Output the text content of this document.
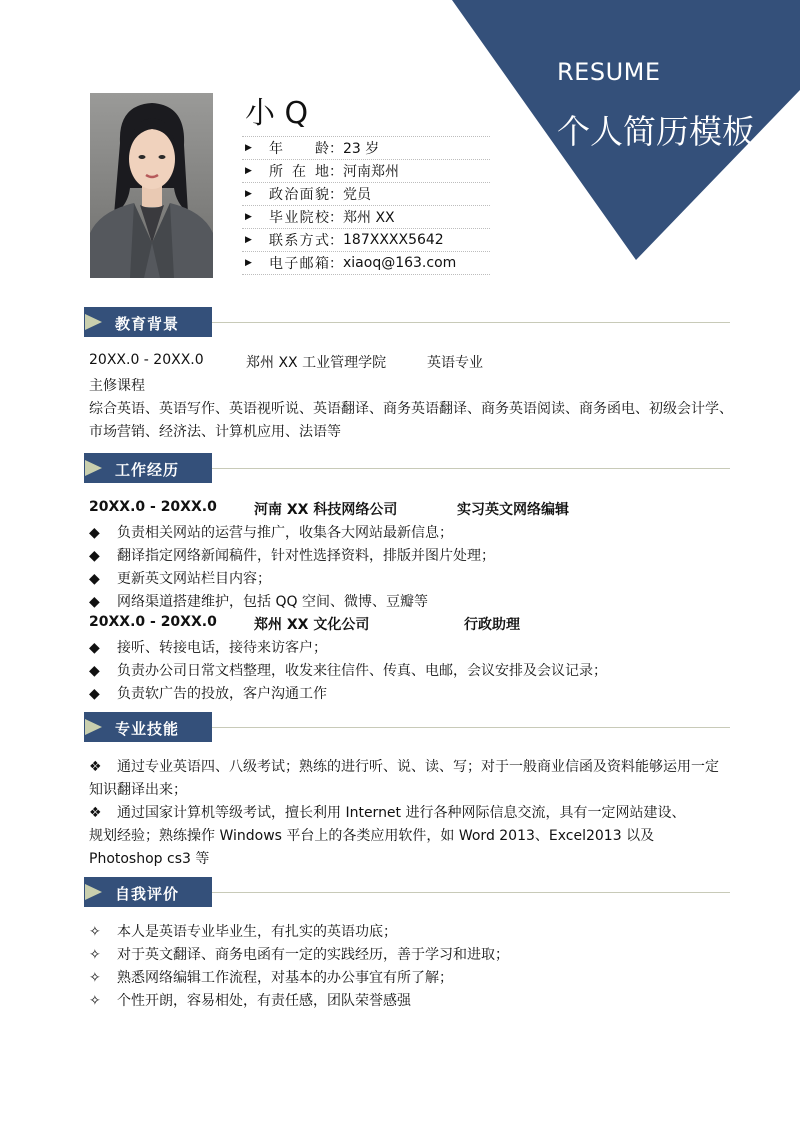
RESUME
个人简历模板
小 Q
▶	年 龄 ： 23 岁
▶	所 在 地 ： 河南郑州
▶	政治面貌 ： 党员
▶	毕业院校 ： 郑州 XX
▶	联系方式 ： 187XXXX5642
▶	电子邮箱 ： xiaoq@163.com
教育背景
20XX.0 - 20XX.0	郑州 XX 工业管理学院	英语专业
主修课程
综合英语、英语写作、英语视听说、英语翻译、商务英语翻译、商务英语阅读、商务函电、初级会计学、
市场营销、经济法、计算机应用、法语等
工作经历
20XX.0 - 20XX.0	河南 XX 科技网络公司	实习英文网络编辑
◆ 负责相关网站的运营与推广，收集各大网站最新信息；
◆ 翻译指定网络新闻稿件，针对性选择资料，排版并图片处理；
◆ 更新英文网站栏目内容；
◆ 网络渠道搭建维护，包括 QQ 空间、微博、豆瓣等
20XX.0 - 20XX.0	郑州 XX 文化公司	行政助理
◆ 接听、转接电话，接待来访客户；
◆ 负责办公司日常文档整理，收发来往信件、传真、电邮，会议安排及会议记录；
◆ 负责软广告的投放，客户沟通工作
专业技能
❖ 通过专业英语四、八级考试；熟练的进行听、说、读、写；对于一般商业信函及资料能够运用一定
知识翻译出来；
❖ 通过国家计算机等级考试，擅长利用 Internet 进行各种网际信息交流，具有一定网站建设、
规划经验；熟练操作 Windows 平台上的各类应用软件，如 Word 2013、Excel2013 以及
Photoshop cs3 等
自我评价
✧ 本人是英语专业毕业生，有扎实的英语功底；
✧ 对于英文翻译、商务电函有一定的实践经历，善于学习和进取；
✧ 熟悉网络编辑工作流程，对基本的办公事宜有所了解；
✧ 个性开朗，容易相处，有责任感，团队荣誉感强
